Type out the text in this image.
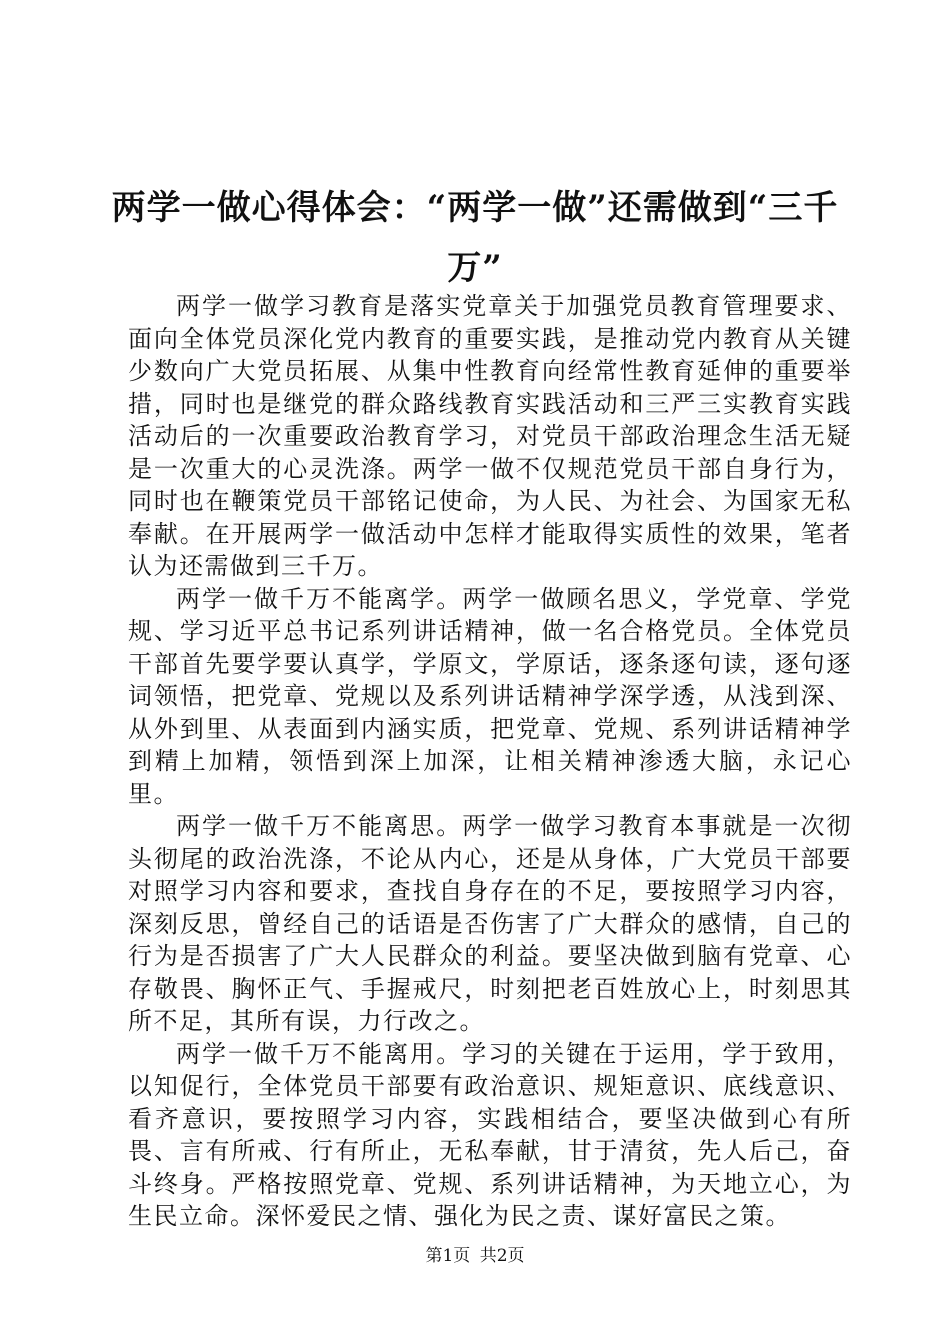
两学一做心得体会：“两学一做”还需做到“三千万”

两学一做学习教育是落实党章关于加强党员教育管理要求、面向全体党员深化党内教育的重要实践，是推动党内教育从关键少数向广大党员拓展、从集中性教育向经常性教育延伸的重要举措，同时也是继党的群众路线教育实践活动和三严三实教育实践活动后的一次重要政治教育学习，对党员干部政治理念生活无疑是一次重大的心灵洗涤。两学一做不仅规范党员干部自身行为，同时也在鞭策党员干部铭记使命，为人民、为社会、为国家无私奉献。在开展两学一做活动中怎样才能取得实质性的效果，笔者认为还需做到三千万。

两学一做千万不能离学。两学一做顾名思义，学党章、学党规、学习近平总书记系列讲话精神，做一名合格党员。全体党员干部首先要学要认真学，学原文，学原话，逐条逐句读，逐句逐词领悟，把党章、党规以及系列讲话精神学深学透，从浅到深、从外到里、从表面到内涵实质，把党章、党规、系列讲话精神学到精上加精，领悟到深上加深，让相关精神渗透大脑，永记心里。

两学一做千万不能离思。两学一做学习教育本事就是一次彻头彻尾的政治洗涤，不论从内心，还是从身体，广大党员干部要对照学习内容和要求，查找自身存在的不足，要按照学习内容，深刻反思，曾经自己的话语是否伤害了广大群众的感情，自己的行为是否损害了广大人民群众的利益。要坚决做到脑有党章、心存敬畏、胸怀正气、手握戒尺，时刻把老百姓放心上，时刻思其所不足，其所有误，力行改之。

两学一做千万不能离用。学习的关键在于运用，学于致用，以知促行，全体党员干部要有政治意识、规矩意识、底线意识、看齐意识，要按照学习内容，实践相结合，要坚决做到心有所畏、言有所戒、行有所止，无私奉献，甘于清贫，先人后己，奋斗终身。严格按照党章、党规、系列讲话精神，为天地立心，为生民立命。深怀爱民之情、强化为民之责、谋好富民之策。

第1页 共2页
